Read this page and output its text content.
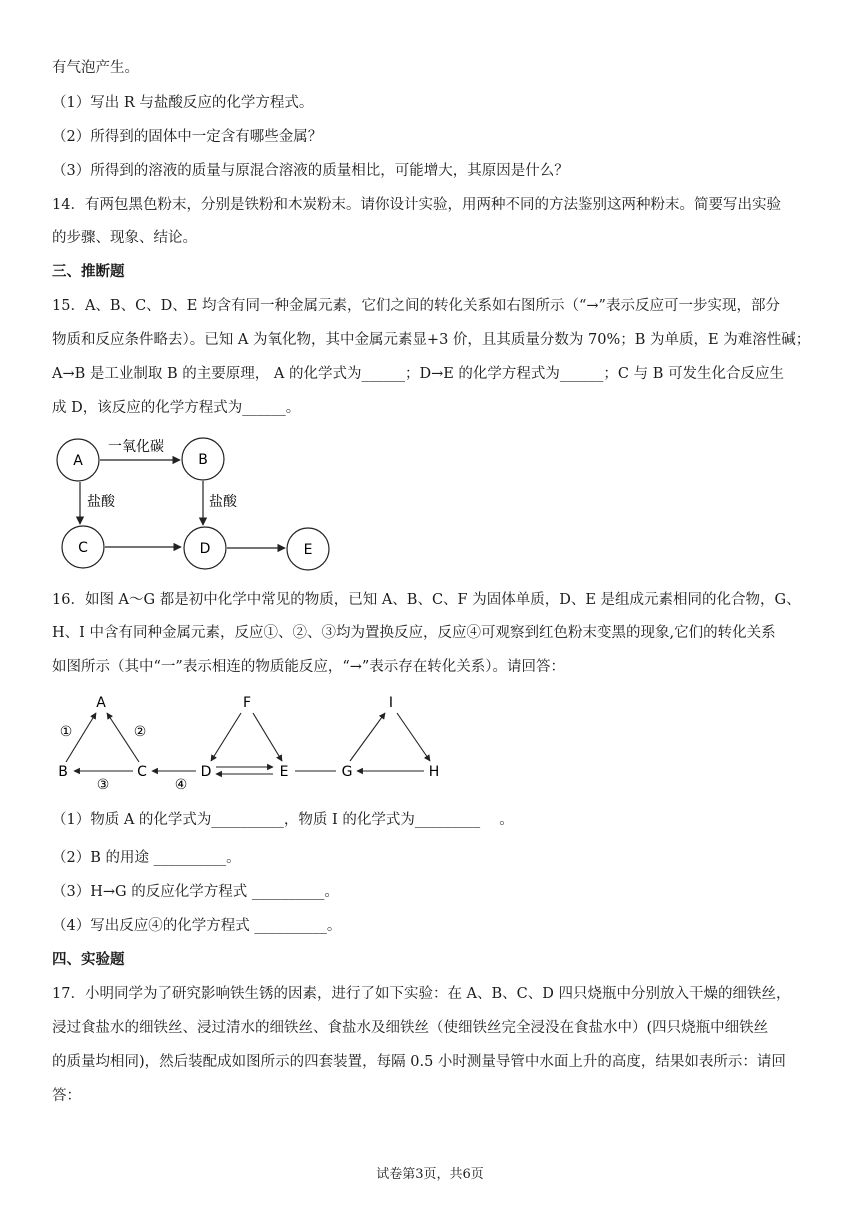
有气泡产生。
（1）写出 R 与盐酸反应的化学方程式。
（2）所得到的固体中一定含有哪些金属？
（3）所得到的溶液的质量与原混合溶液的质量相比，可能增大，其原因是什么？
14．有两包黑色粉末，分别是铁粉和木炭粉末。请你设计实验，用两种不同的方法鉴别这两种粉末。简要写出实验
的步骤、现象、结论。
三、推断题
15．A、B、C、D、E 均含有同一种金属元素，它们之间的转化关系如右图所示（“→”表示反应可一步实现，部分
物质和反应条件略去）。已知 A 为氧化物，其中金属元素显+3 价，且其质量分数为 70%；B 为单质，E 为难溶性碱；
A→B 是工业制取 B 的主要原理， A 的化学式为______；D→E 的化学方程式为______；C 与 B 可发生化合反应生
成 D，该反应的化学方程式为______。
A	B
C	D	E
一氧化碳
盐酸	盐酸
16．如图 A～G 都是初中化学中常见的物质，已知 A、B、C、F 为固体单质，D、E 是组成元素相同的化合物，G、
H、I 中含有同种金属元素，反应①、②、③均为置换反应，反应④可观察到红色粉末变黑的现象,它们的转化关系
如图所示（其中“一”表示相连的物质能反应，“→”表示存在转化关系）。请回答：
A
B	C	D	E
F
G	H
I
①	②
③	④
（1）物质 A 的化学式为__________，物质 I 的化学式为_________　 。
（2）B 的用途 __________。
（3）H→G 的反应化学方程式 __________。
（4）写出反应④的化学方程式 __________。
四、实验题
17．小明同学为了研究影响铁生锈的因素，进行了如下实验：在 A、B、C、D 四只烧瓶中分别放入干燥的细铁丝，
浸过食盐水的细铁丝、浸过清水的细铁丝、食盐水及细铁丝（使细铁丝完全浸没在食盐水中）(四只烧瓶中细铁丝
的质量均相同)，然后装配成如图所示的四套装置，每隔 0.5 小时测量导管中水面上升的高度，结果如表所示：请回
答：
试卷第3页，共6页
